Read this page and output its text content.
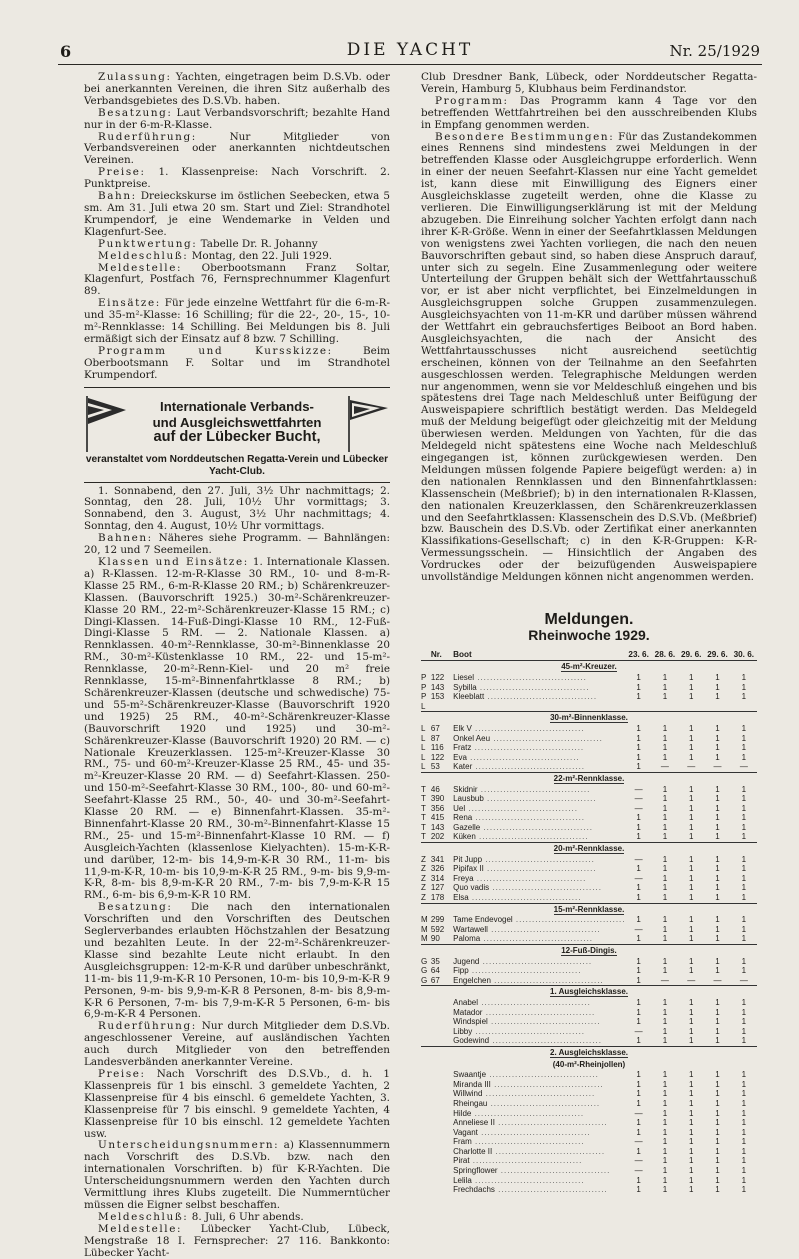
6	DIE YACHT	Nr. 25/1929

Zulassung: Yachten, eingetragen beim D.S.Vb. oder bei anerkannten Vereinen, die ihren Sitz außerhalb des Verbandsgebietes des D.S.Vb. haben.

Besatzung: Laut Verbandsvorschrift; bezahlte Hand nur in der 6-m-R-Klasse.

Ruderführung: Nur Mitglieder von Verbandsvereinen oder anerkannten nichtdeutschen Vereinen.

Preise: 1. Klassenpreise: Nach Vorschrift. 2. Punktpreise.

Bahn: Dreieckskurse im östlichen Seebecken, etwa 5 sm. Am 31. Juli etwa 20 sm. Start und Ziel: Strandhotel Krumpendorf, je eine Wendemarke in Velden und Klagenfurt-See.

Punktwertung: Tabelle Dr. R. Johanny

Meldeschluß: Montag, den 22. Juli 1929.

Meldestelle: Oberbootsmann Franz Soltar, Klagenfurt, Postfach 76, Fernsprechnummer Klagenfurt 89.

Einsätze: Für jede einzelne Wettfahrt für die 6-m-R- und 35-m²-Klasse: 16 Schilling; für die 22-, 20-, 15-, 10-m²-Rennklasse: 14 Schilling. Bei Meldungen bis 8. Juli ermäßigt sich der Einsatz auf 8 bzw. 7 Schilling.

Programm und Kursskizze: Beim Oberbootsmann F. Soltar und im Strandhotel Krumpendorf.

Internationale Verbands-
und Ausgleichswettfahrten
auf der Lübecker Bucht,
veranstaltet vom Norddeutschen Regatta-Verein und Lübecker Yacht-Club.

1. Sonnabend, den 27. Juli, 3½ Uhr nachmittags; 2. Sonntag, den 28. Juli, 10½ Uhr vormittags; 3. Sonnabend, den 3. August, 3½ Uhr nachmittags; 4. Sonntag, den 4. August, 10½ Uhr vormittags.

Bahnen: Näheres siehe Programm. — Bahnlängen: 20, 12 und 7 Seemeilen.

Klassen und Einsätze: 1. Internationale Klassen. a) R-Klassen. 12-m-R-Klasse 30 RM., 10- und 8-m-R-Klasse 25 RM., 6-m-R-Klasse 20 RM.; b) Schärenkreuzer-Klassen. (Bauvorschrift 1925.) 30-m²-Schärenkreuzer-Klasse 20 RM., 22-m²-Schärenkreuzer-Klasse 15 RM.; c) Dingi-Klassen. 14-Fuß-Dingi-Klasse 10 RM., 12-Fuß-Dingi-Klasse 5 RM. — 2. Nationale Klassen. a) Rennklassen. 40-m²-Rennklasse, 30-m²-Binnenklasse 20 RM., 30-m²-Küstenklasse 10 RM., 22- und 15-m²-Rennklasse, 20-m²-Renn-Kiel- und 20 m² freie Rennklasse, 15-m²-Binnenfahrtklasse 8 RM.; b) Schärenkreuzer-Klassen (deutsche und schwedische) 75- und 55-m²-Schärenkreuzer-Klasse (Bauvorschrift 1920 und 1925) 25 RM., 40-m²-Schärenkreuzer-Klasse (Bauvorschrift 1920 und 1925) und 30-m²-Schärenkreuzer-Klasse (Bauvorschrift 1920) 20 RM. — c) Nationale Kreuzerklassen. 125-m²-Kreuzer-Klasse 30 RM., 75- und 60-m²-Kreuzer-Klasse 25 RM., 45- und 35-m²-Kreuzer-Klasse 20 RM. — d) Seefahrt-Klassen. 250- und 150-m²-Seefahrt-Klasse 30 RM., 100-, 80- und 60-m²-Seefahrt-Klasse 25 RM., 50-, 40- und 30-m²-Seefahrt-Klasse 20 RM. — e) Binnenfahrt-Klassen. 35-m²-Binnenfahrt-Klasse 20 RM., 30-m²-Binnenfahrt-Klasse 15 RM., 25- und 15-m²-Binnenfahrt-Klasse 10 RM. — f) Ausgleich-Yachten (klassenlose Kielyachten). 15-m-K-R- und darüber, 12-m- bis 14,9-m-K-R 30 RM., 11-m- bis 11,9-m-K-R, 10-m- bis 10,9-m-K-R 25 RM., 9-m- bis 9,9-m-K-R, 8-m- bis 8,9-m-K-R 20 RM., 7-m- bis 7,9-m-K-R 15 RM., 6-m- bis 6,9-m-K-R 10 RM.

Besatzung: Die nach den internationalen Vorschriften und den Vorschriften des Deutschen Seglerverbandes erlaubten Höchstzahlen der Besatzung und bezahlten Leute. In der 22-m²-Schärenkreuzer-Klasse sind bezahlte Leute nicht erlaubt. In den Ausgleichsgruppen: 12-m-K-R und darüber unbeschränkt, 11-m- bis 11,9-m-K-R 10 Personen, 10-m- bis 10,9-m-K-R 9 Personen, 9-m- bis 9,9-m-K-R 8 Personen, 8-m- bis 8,9-m-K-R 6 Personen, 7-m- bis 7,9-m-K-R 5 Personen, 6-m- bis 6,9-m-K-R 4 Personen.

Ruderführung: Nur durch Mitglieder dem D.S.Vb. angeschlossener Vereine, auf ausländischen Yachten auch durch Mitglieder von den betreffenden Landesverbänden anerkannter Vereine.

Preise: Nach Vorschrift des D.S.Vb., d. h. 1 Klassenpreis für 1 bis einschl. 3 gemeldete Yachten, 2 Klassenpreise für 4 bis einschl. 6 gemeldete Yachten, 3. Klassenpreise für 7 bis einschl. 9 gemeldete Yachten, 4 Klassenpreise für 10 bis einschl. 12 gemeldete Yachten usw.

Unterscheidungsnummern: a) Klassennummern nach Vorschrift des D.S.Vb. bzw. nach den internationalen Vorschriften. b) für K-R-Yachten. Die Unterscheidungsnummern werden den Yachten durch Vermittlung ihres Klubs zugeteilt. Die Nummerntücher müssen die Eigner selbst beschaffen.

Meldeschluß: 8. Juli, 6 Uhr abends.

Meldestelle: Lübecker Yacht-Club, Lübeck, Mengstraße 18 I. Fernsprecher: 27 116. Bankkonto: Lübecker Yacht-

Club Dresdner Bank, Lübeck, oder Norddeutscher Regatta-Verein, Hamburg 5, Klubhaus beim Ferdinandstor.

Programm: Das Programm kann 4 Tage vor den betreffenden Wettfahrtreihen bei den ausschreibenden Klubs in Empfang genommen werden.

Besondere Bestimmungen: Für das Zustandekommen eines Rennens sind mindestens zwei Meldungen in der betreffenden Klasse oder Ausgleichgruppe erforderlich. Wenn in einer der neuen Seefahrt-Klassen nur eine Yacht gemeldet ist, kann diese mit Einwilligung des Eigners einer Ausgleichsklasse zugeteilt werden, ohne die Klasse zu verlieren. Die Einwilligungserklärung ist mit der Meldung abzugeben. Die Einreihung solcher Yachten erfolgt dann nach ihrer K-R-Größe. Wenn in einer der Seefahrtklassen Meldungen von wenigstens zwei Yachten vorliegen, die nach den neuen Bauvorschriften gebaut sind, so haben diese Anspruch darauf, unter sich zu segeln. Eine Zusammenlegung oder weitere Unterteilung der Gruppen behält sich der Wettfahrtausschuß vor, er ist aber nicht verpflichtet, bei Einzelmeldungen in Ausgleichsgruppen solche Gruppen zusammenzulegen. Ausgleichsyachten von 11-m-KR und darüber müssen während der Wettfahrt ein gebrauchsfertiges Beiboot an Bord haben. Ausgleichsyachten, die nach der Ansicht des Wettfahrtausschusses nicht ausreichend seetüchtig erscheinen, können von der Teilnahme an den Seefahrten ausgeschlossen werden. Telegraphische Meldungen werden nur angenommen, wenn sie vor Meldeschluß eingehen und bis spätestens drei Tage nach Meldeschluß unter Beifügung der Ausweispapiere schriftlich bestätigt werden. Das Meldegeld muß der Meldung beigefügt oder gleichzeitig mit der Meldung überwiesen werden. Meldungen von Yachten, für die das Meldegeld nicht spätestens eine Woche nach Meldeschluß eingegangen ist, können zurückgewiesen werden. Den Meldungen müssen folgende Papiere beigefügt werden: a) in den nationalen Rennklassen und den Binnenfahrtklassen: Klassenschein (Meßbrief); b) in den internationalen R-Klassen, den nationalen Kreuzerklassen, den Schärenkreuzerklassen und den Seefahrtklassen: Klassenschein des D.S.Vb. (Meßbrief) bzw. Bauschein des D.S.Vb. oder Zertifikat einer anerkannten Klassifikations-Gesellschaft; c) in den K-R-Gruppen: K-R-Vermessungsschein. — Hinsichtlich der Angaben des Vordruckes oder der beizufügenden Ausweispapiere unvollständige Meldungen können nicht angenommen werden.

Meldungen.
Rheinwoche 1929.
	Nr.	Boot	23. 6.	28. 6.	29. 6.	29. 6.	30. 6.
45-m²-Kreuzer.							
P	122	Liesel ..................................	1	1	1	1	1
P	143	Sybilla ..................................	1	1	1	1	1
P	153	Kleeblatt ..................................	1	1	1	1	1
L							
30-m²-Binnenklasse.							
L	67	Elk V ..................................	1	1	1	1	1
L	87	Onkel Aeu ..................................	1	1	1	1	1
L	116	Fratz ..................................	1	1	1	1	1
L	122	Eva ..................................	1	1	1	1	1
L	53	Kater ..................................	1	—	—	—	—
22-m²-Rennklasse.							
T	46	Skidnir ..................................	—	1	1	1	1
T	390	Lausbub ..................................	—	1	1	1	1
T	356	Uel ..................................	—	1	1	1	1
T	415	Rena ..................................	1	1	1	1	1
T	143	Gazelle ..................................	1	1	1	1	1
T	202	Küken ..................................	1	1	1	1	1
20-m²-Rennklasse.							
Z	341	Pit Jupp ..................................	—	1	1	1	1
Z	326	Pipifax II ..................................	1	1	1	1	1
Z	314	Freya ..................................	—	1	1	1	1
Z	127	Quo vadis ..................................	1	1	1	1	1
Z	178	Elsa ..................................	1	1	1	1	1
15-m²-Rennklasse.							
M	299	Tame Endevogel ..................................	1	1	1	1	1
M	592	Wartawell ..................................	—	1	1	1	1
M	90	Paloma ..................................	1	1	1	1	1
12-Fuß-Dingis.							
G	35	Jugend ..................................	1	1	1	1	1
G	64	Fipp ..................................	1	1	1	1	1
G	67	Engelchen ..................................	1	—	—	—	—
1. Ausgleichsklasse.							
		Anabel ..................................	1	1	1	1	1
		Matador ..................................	1	1	1	1	1
		Windspiel ..................................	1	1	1	1	1
		Libby ..................................	—	1	1	1	1
		Godewind ..................................	1	1	1	1	1
2. Ausgleichsklasse.							
(40-m²-Rheinjollen)							
		Swaantje ..................................	1	1	1	1	1
		Miranda III ..................................	1	1	1	1	1
		Willwind ..................................	1	1	1	1	1
		Rheingau ..................................	1	1	1	1	1
		Hilde ..................................	—	1	1	1	1
		Anneliese II ..................................	1	1	1	1	1
		Vagant ..................................	1	1	1	1	1
		Fram ..................................	—	1	1	1	1
		Charlotte II ..................................	1	1	1	1	1
		Pirat ..................................	—	1	1	1	1
		Springflower ..................................	—	1	1	1	1
		Lelila ..................................	1	1	1	1	1
		Frechdachs ..................................	1	1	1	1	1
